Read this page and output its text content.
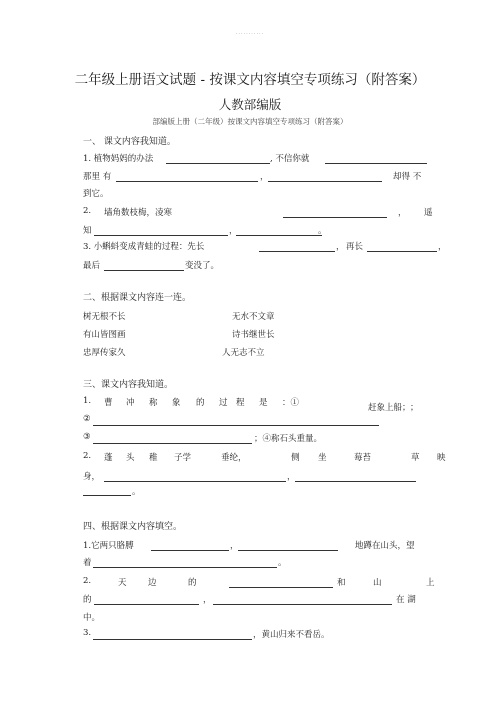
...........
二年级上册语文试题 - 按课文内容填空专项练习（附答案）
人教部编版
部编版上册（二年级）按课文内容填空专项练习（附答案）
一、 课文内容我知道。
1. 植物妈妈的办法	, 不信你就
那里 有	，	却得 不
到它。
2. 墙角数枝梅，凌寒	， 遥
知	，	。
3. 小蝌蚪变成青蛙的过程：先长	， 再长	，
最后	变没了。
二、根据课文内容连一连。
树无根不长
有山皆图画
忠厚传家久
无水不文章
诗书继世长
人无志不立
三、课文内容我知道。
1. 曹 冲 称 象 的 过 程 是 ：①	赶象上船； ；
②
③	；④称石头重量。
2. 蓬 头 稚 子学	垂纶，	侧 坐	莓苔	草 映
身，	，
。
四、根据课文内容填空。
1.它两只胳膊	，	地蹲在山头，望
着	。
2.	天	边	的	和	山	上
的	，	在 湖
中。
3.	，黄山归来不看岳。
